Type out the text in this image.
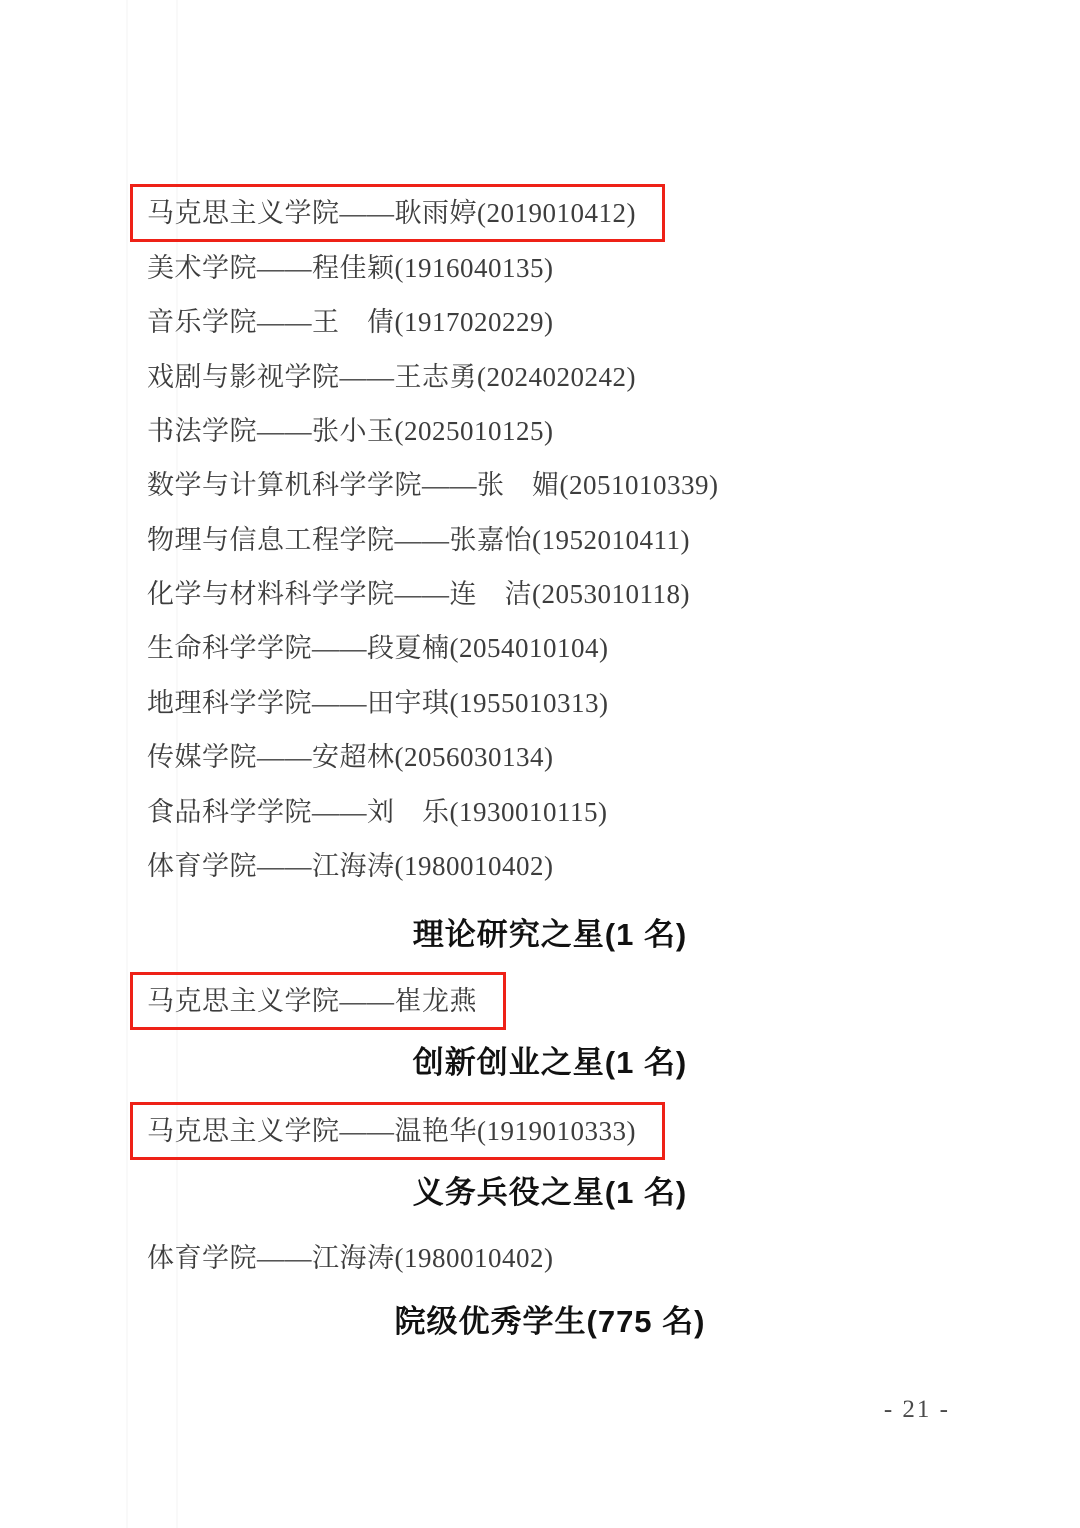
马克思主义学院——耿雨婷(2019010412)
美术学院——程佳颖(1916040135)
音乐学院——王　倩(1917020229)
戏剧与影视学院——王志勇(2024020242)
书法学院——张小玉(2025010125)
数学与计算机科学学院——张　媚(2051010339)
物理与信息工程学院——张嘉怡(1952010411)
化学与材料科学学院——连　洁(2053010118)
生命科学学院——段夏楠(2054010104)
地理科学学院——田宇琪(1955010313)
传媒学院——安超林(2056030134)
食品科学学院——刘　乐(1930010115)
体育学院——江海涛(1980010402)
理论研究之星(1 名)
马克思主义学院——崔龙燕
创新创业之星(1 名)
马克思主义学院——温艳华(1919010333)
义务兵役之星(1 名)
体育学院——江海涛(1980010402)
院级优秀学生(775 名)
- 21 -
